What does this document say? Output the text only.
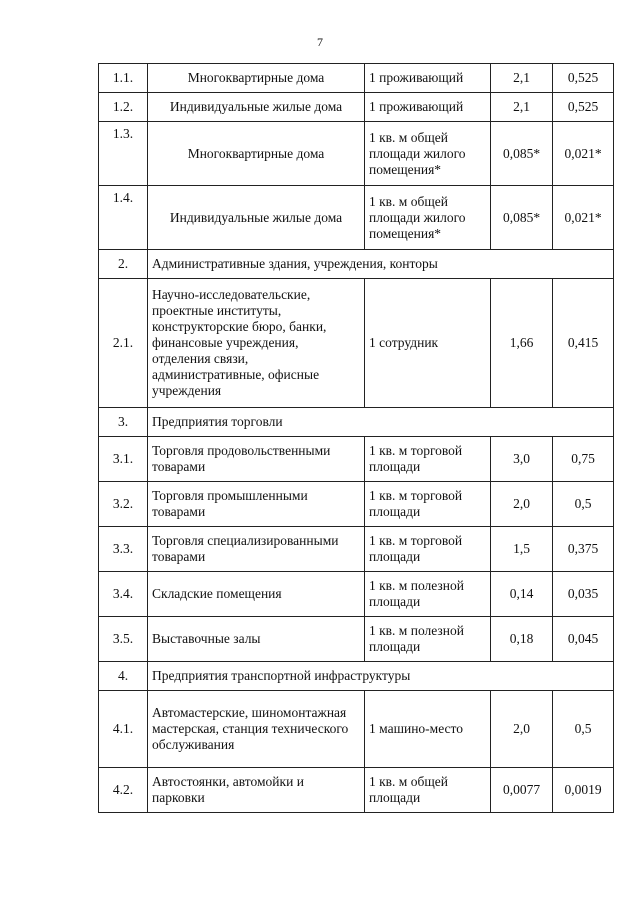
7
1.1.	Многоквартирные дома	1 проживающий	2,1	0,525
1.2.	Индивидуальные жилые дома	1 проживающий	2,1	0,525
1.3.	Многоквартирные дома	1 кв. м общей площади жилого помещения*	0,085*	0,021*
1.4.	Индивидуальные жилые дома	1 кв. м общей площади жилого помещения*	0,085*	0,021*
2.	Административные здания, учреждения, конторы			
2.1.	Научно-исследовательские, проектные институты, конструкторские бюро, банки, финансовые учреждения, отделения связи, административные, офисные учреждения	1 сотрудник	1,66	0,415
3.	Предприятия торговли			
3.1.	Торговля продовольственными товарами	1 кв. м торговой площади	3,0	0,75
3.2.	Торговля промышленными товарами	1 кв. м торговой площади	2,0	0,5
3.3.	Торговля специализированными товарами	1 кв. м торговой площади	1,5	0,375
3.4.	Складские помещения	1 кв. м полезной площади	0,14	0,035
3.5.	Выставочные залы	1 кв. м полезной площади	0,18	0,045
4.	Предприятия транспортной инфраструктуры			
4.1.	Автомастерские, шиномонтажная мастерская, станция технического обслуживания	1 машино-место	2,0	0,5
4.2.	Автостоянки, автомойки и парковки	1 кв. м общей площади	0,0077	0,0019
